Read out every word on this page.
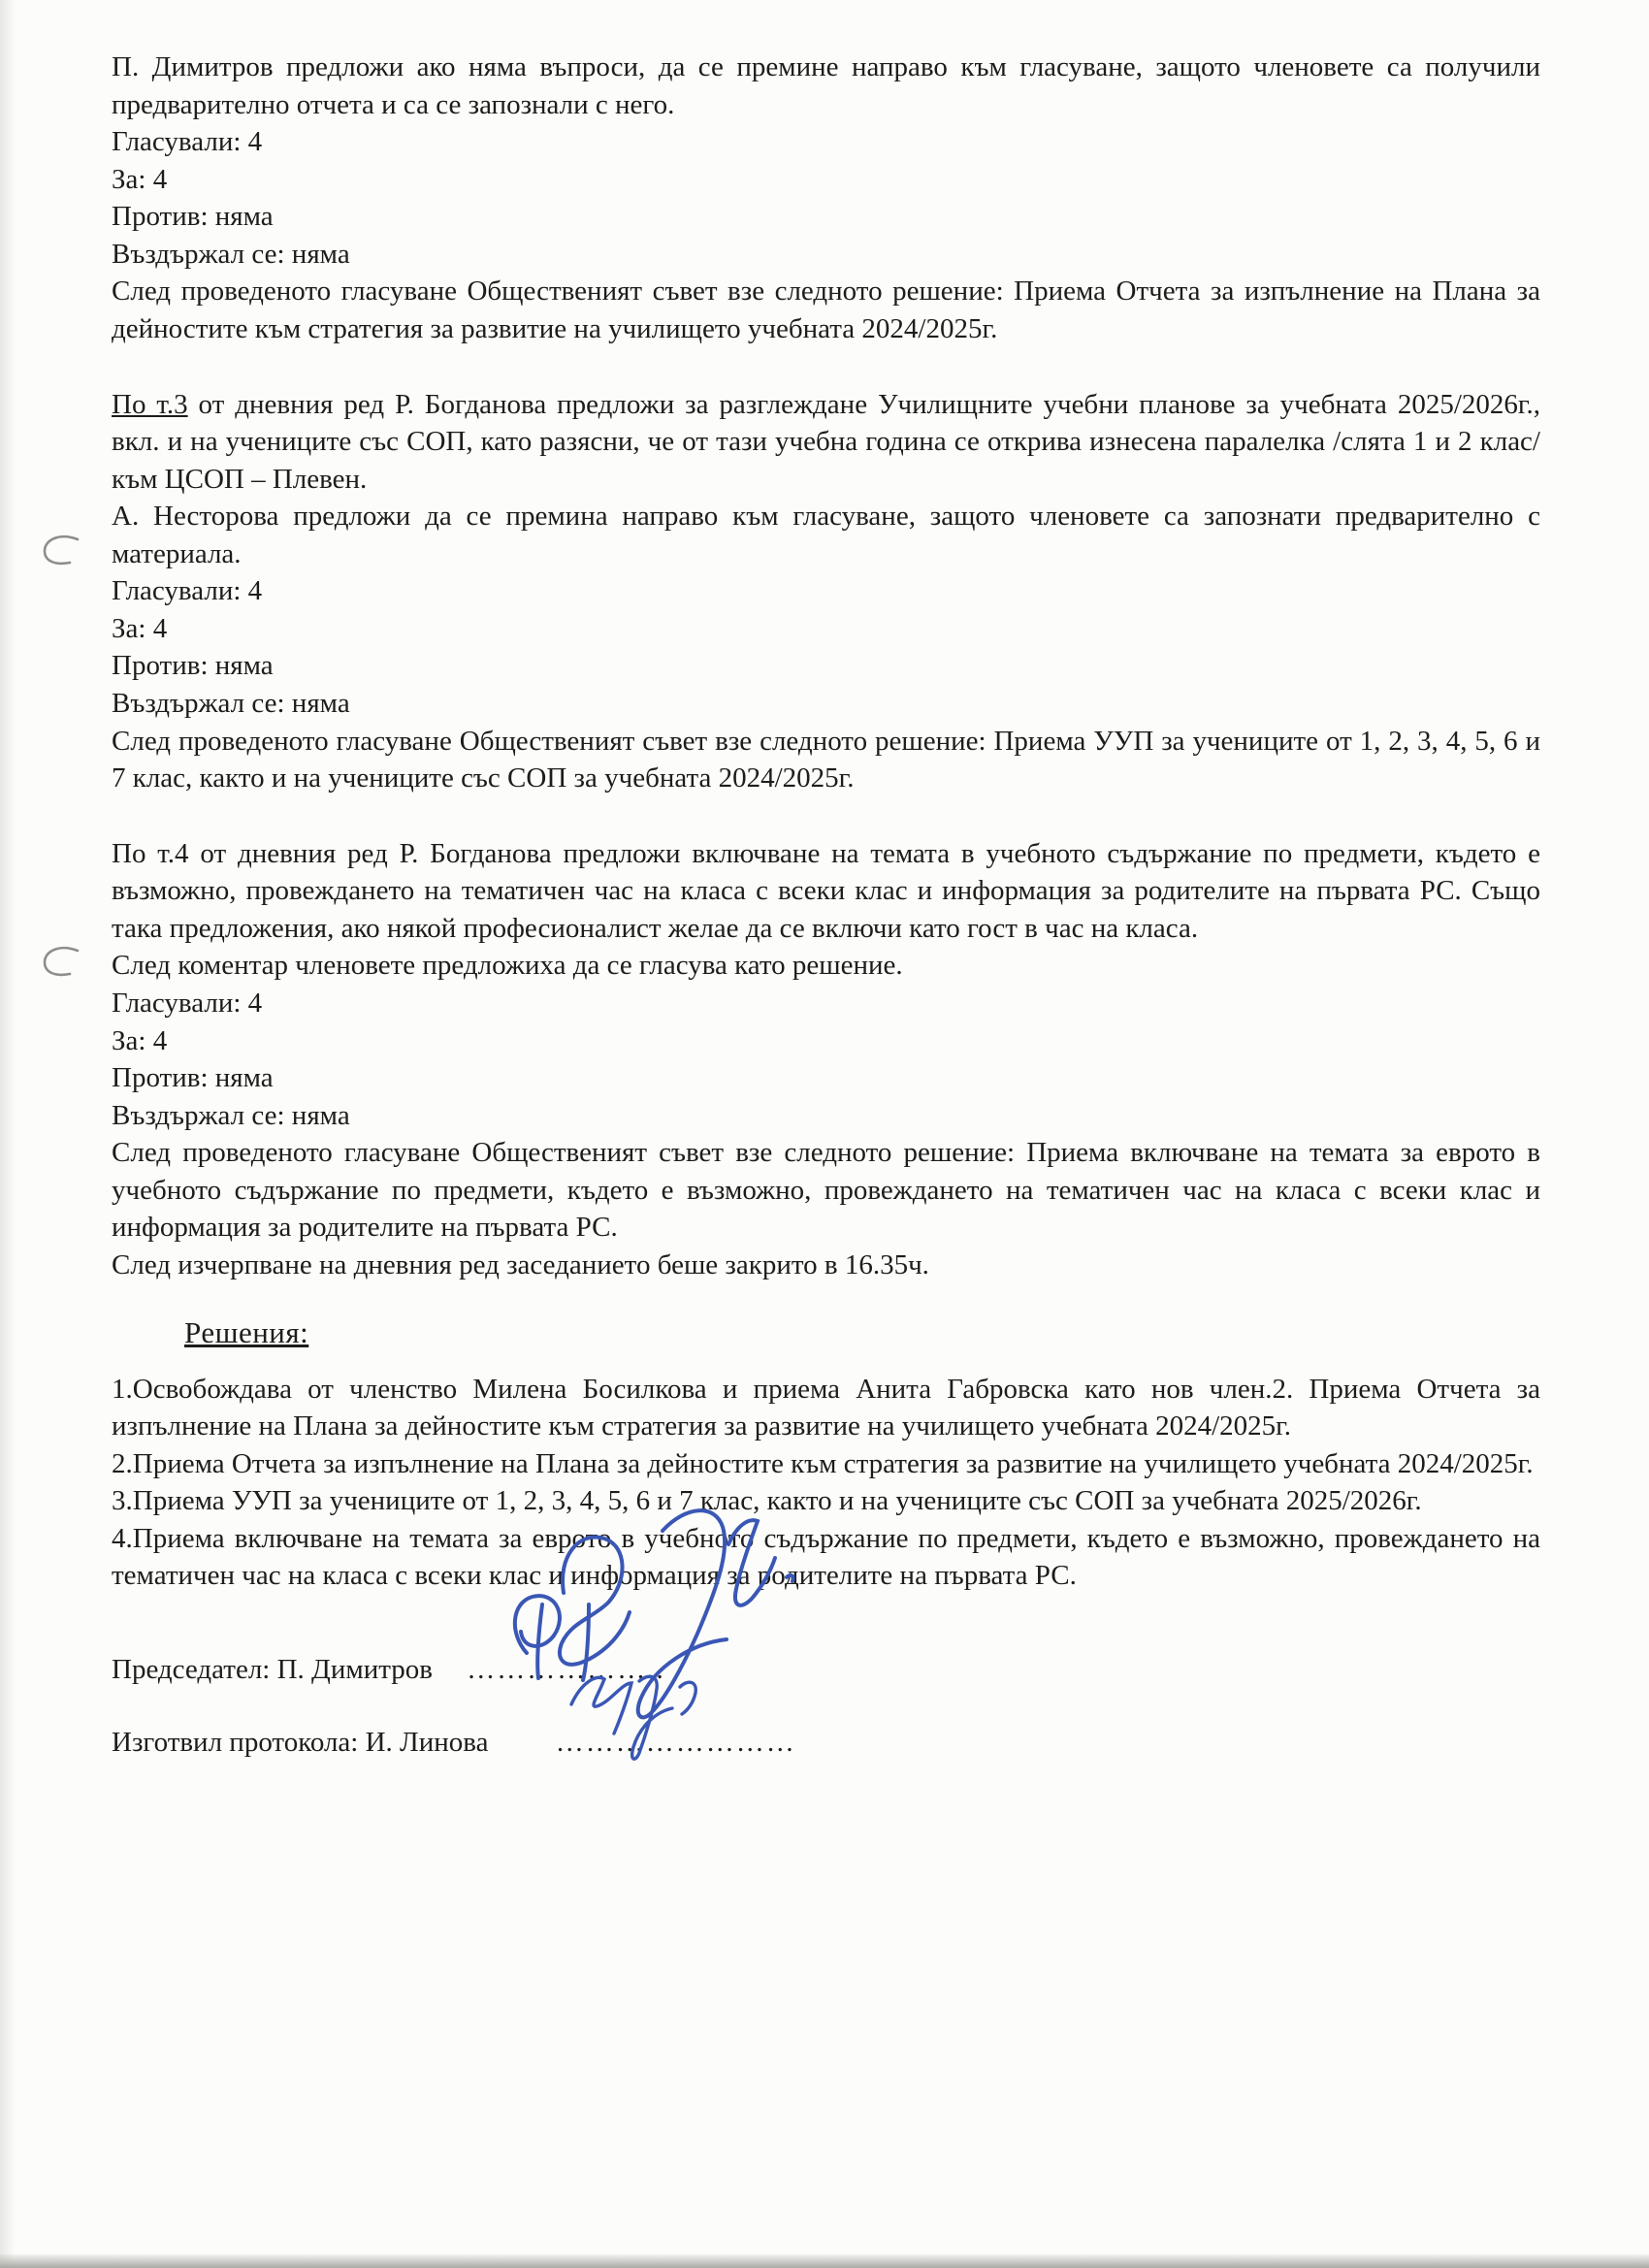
П. Димитров предложи ако няма въпроси, да се премине направо към гласуване, защото членовете са получили предварително отчета и са се запознали с него.

Гласували: 4
За: 4
Против: няма
Въздържал се: няма

След проведеното гласуване Общественият съвет взе следното решение: Приема Отчета за изпълнение на Плана за дейностите към стратегия за развитие на училището учебната 2024/2025г.

По т.3 от дневния ред Р. Богданова предложи за разглеждане Училищните учебни планове за учебната 2025/2026г., вкл. и на учениците със СОП, като разясни, че от тази учебна година се открива изнесена паралелка /слята 1 и 2 клас/ към ЦСОП – Плевен.

А. Несторова предложи да се премина направо към гласуване, защото членовете са запознати предварително с материала.

Гласували: 4
За: 4
Против: няма
Въздържал се: няма

След проведеното гласуване Общественият съвет взе следното решение: Приема УУП за учениците от 1, 2, 3, 4, 5, 6 и 7 клас, както и на учениците със СОП за учебната 2024/2025г.

По т.4 от дневния ред Р. Богданова предложи включване на темата в учебното съдържание по предмети, където е възможно, провеждането на тематичен час на класа с всеки клас и информация за родителите на първата РС. Също така предложения, ако някой професионалист желае да се включи като гост в час на класа.

След коментар членовете предложиха да се гласува като решение.

Гласували: 4
За: 4
Против: няма
Въздържал се: няма

След проведеното гласуване Общественият съвет взе следното решение: Приема включване на темата за еврото в учебното съдържание по предмети, където е възможно, провеждането на тематичен час на класа с всеки клас и информация за родителите на първата РС.

След изчерпване на дневния ред заседанието беше закрито в 16.35ч.

Решения:

1.Освобождава от членство Милена Босилкова и приема Анита Габровска като нов член.2. Приема Отчета за изпълнение на Плана за дейностите към стратегия за развитие на училището учебната 2024/2025г.

2.Приема Отчета за изпълнение на Плана за дейностите към стратегия за развитие на училището учебната 2024/2025г.

3.Приема УУП за учениците от 1, 2, 3, 4, 5, 6 и 7 клас, както и на учениците със СОП за учебната 2025/2026г.

4.Приема включване на темата за еврото в учебното съдържание по предмети, където е възможно, провеждането на тематичен час на класа с всеки клас и информация за родителите на първата РС.

Председател: П. Димитров ………………..
Изготвил протокола: И. Линова ……………………
